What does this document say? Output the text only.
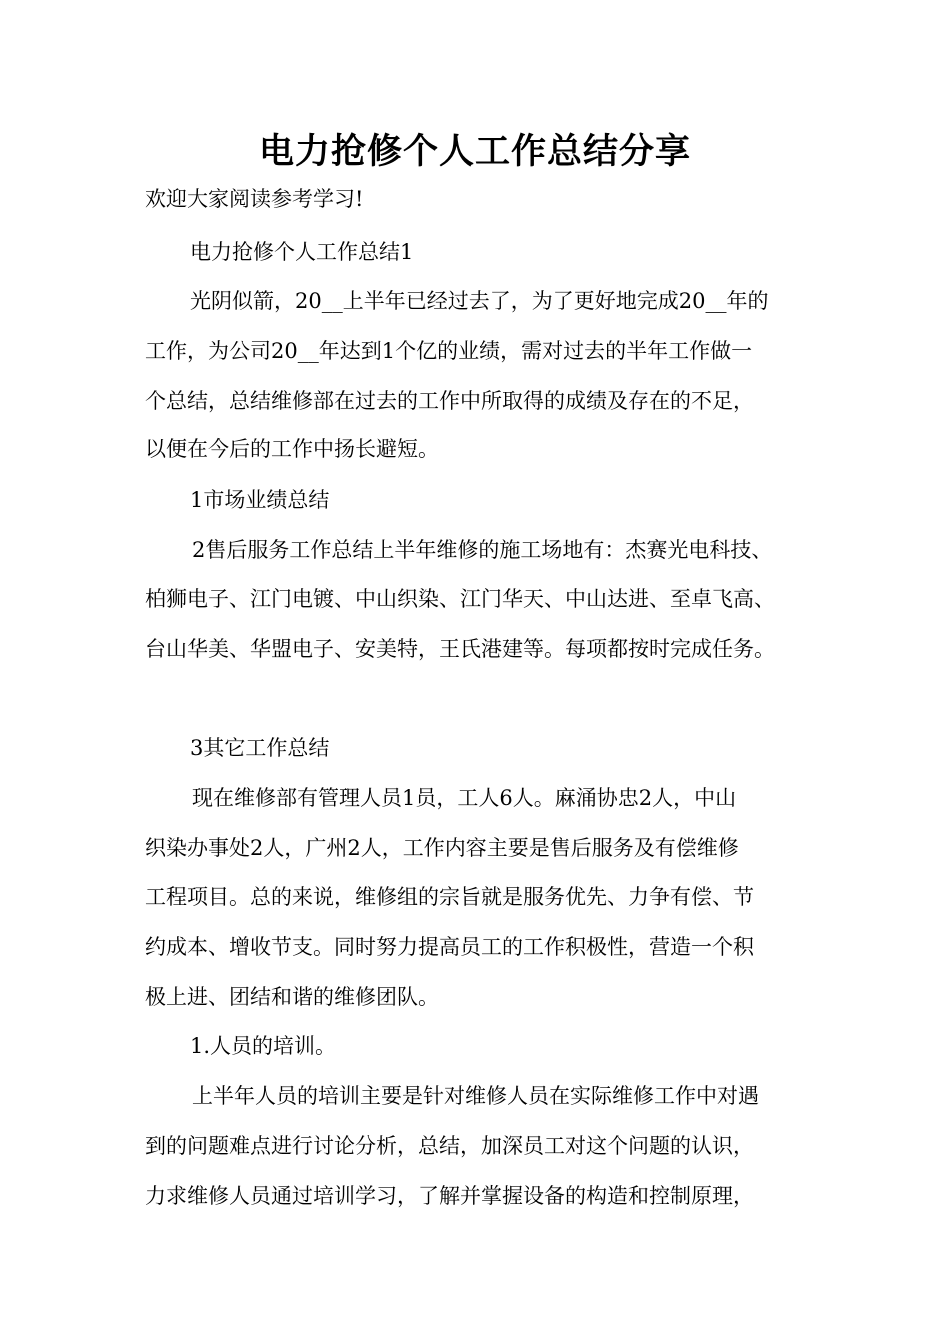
电力抢修个人工作总结分享
欢迎大家阅读参考学习!
电力抢修个人工作总结1
光阴似箭，20__上半年已经过去了，为了更好地完成20__年的
工作，为公司20__年达到1个亿的业绩，需对过去的半年工作做一
个总结，总结维修部在过去的工作中所取得的成绩及存在的不足，
以便在今后的工作中扬长避短。
1市场业绩总结
2售后服务工作总结上半年维修的施工场地有：杰赛光电科技、
柏狮电子、江门电镀、中山织染、江门华天、中山达进、至卓飞高、
台山华美、华盟电子、安美特，王氏港建等。每项都按时完成任务。
3其它工作总结
现在维修部有管理人员1员，工人6人。麻涌协忠2人，中山
织染办事处2人，广州2人，工作内容主要是售后服务及有偿维修
工程项目。总的来说，维修组的宗旨就是服务优先、力争有偿、节
约成本、增收节支。同时努力提高员工的工作积极性，营造一个积
极上进、团结和谐的维修团队。
1.人员的培训。
上半年人员的培训主要是针对维修人员在实际维修工作中对遇
到的问题难点进行讨论分析，总结，加深员工对这个问题的认识，
力求维修人员通过培训学习，了解并掌握设备的构造和控制原理，
